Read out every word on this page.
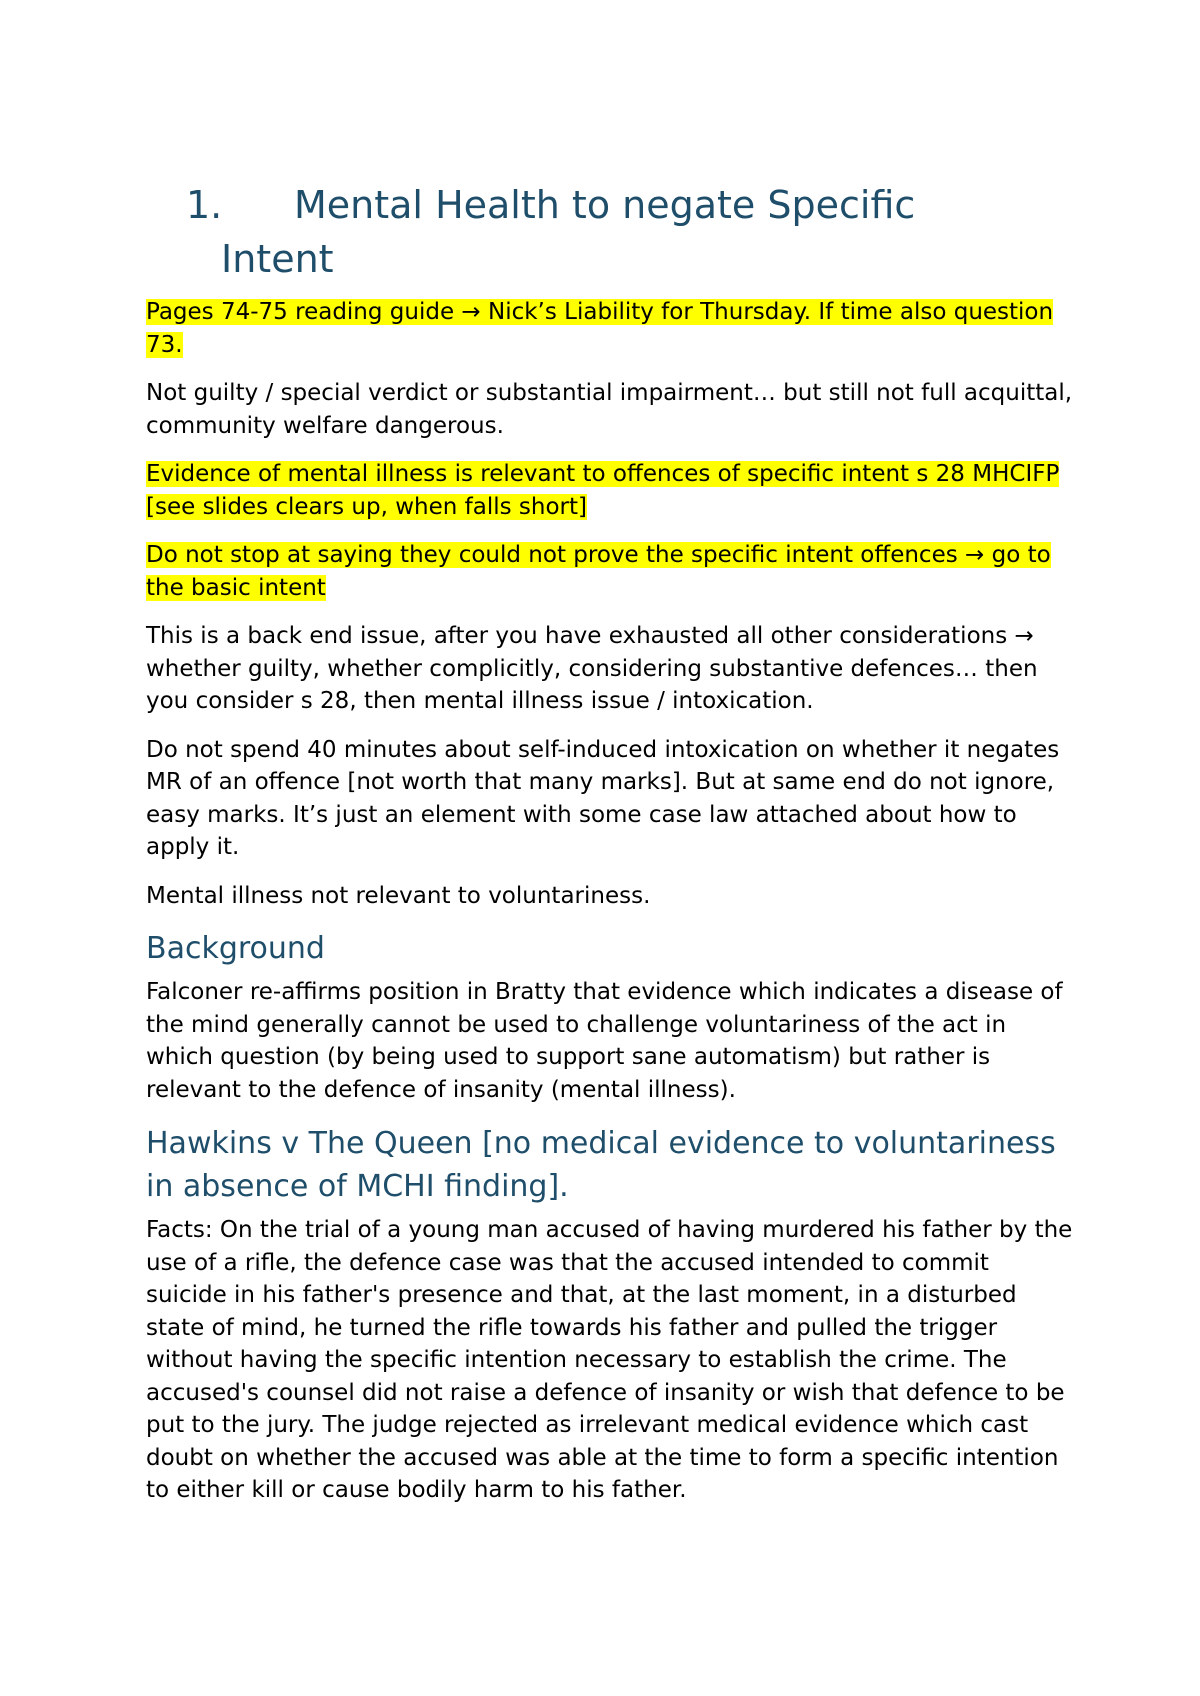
1. Mental Health to negate Specific
Intent

Pages 74-75 reading guide → Nick’s Liability for Thursday. If time also question 73.

Not guilty / special verdict or substantial impairment… but still not full acquittal, community welfare dangerous.

Evidence of mental illness is relevant to offences of specific intent s 28 MHCIFP [see slides clears up, when falls short]

Do not stop at saying they could not prove the specific intent offences → go to the basic intent

This is a back end issue, after you have exhausted all other considerations → whether guilty, whether complicitly, considering substantive defences… then you consider s 28, then mental illness issue / intoxication.

Do not spend 40 minutes about self-induced intoxication on whether it negates MR of an offence [not worth that many marks]. But at same end do not ignore, easy marks. It’s just an element with some case law attached about how to apply it.

Mental illness not relevant to voluntariness.

Background

Falconer re-affirms position in Bratty that evidence which indicates a disease of the mind generally cannot be used to challenge voluntariness of the act in which question (by being used to support sane automatism) but rather is relevant to the defence of insanity (mental illness).

Hawkins v The Queen [no medical evidence to voluntariness in absence of MCHI finding].

Facts: On the trial of a young man accused of having murdered his father by the use of a rifle, the defence case was that the accused intended to commit suicide in his father's presence and that, at the last moment, in a disturbed state of mind, he turned the rifle towards his father and pulled the trigger without having the specific intention necessary to establish the crime. The accused's counsel did not raise a defence of insanity or wish that defence to be put to the jury. The judge rejected as irrelevant medical evidence which cast doubt on whether the accused was able at the time to form a specific intention to either kill or cause bodily harm to his father.
